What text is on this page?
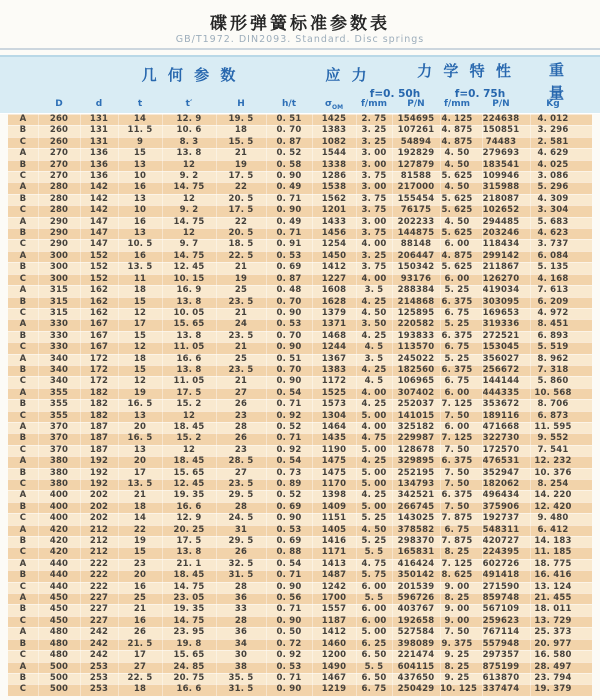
碟形弹簧标准参数表
GB/T1972. DIN2093. Standard. Disc springs
几 何 参 数	应 力	力 学 特 性	重
量
f=0. 50h	f=0. 75h
D	d	t	t′	H	h/t	$\sigma_{OM}$	f/mm	P/N	f/mm	P/N	Kg
A	260	131	14	12. 9	19. 5	0. 51	1425	2. 75	154695 4. 125	224638	4. 012
B	260	131	11. 5	10. 6	18	0. 70	1383	3. 25	107261 4. 875	150851	3. 296
C	260	131	9	8. 3	15. 5	0. 87	1082	3. 25	54894	4. 875	74483	2. 581
A	270	136	15	13. 8	21	0. 52	1544	3. 00	192829	4. 50	279693	4. 629
B	270	136	13	12	19	0. 58	1338	3. 00	127879	4. 50	183541	4. 025
C	270	136	10	9. 2	17. 5	0. 90	1286	3. 75	81588	5. 625	109946	3. 086
A	280	142	16	14. 75	22	0. 49	1538	3. 00	217000	4. 50	315988	5. 296
B	280	142	13	12	20. 5	0. 71	1562	3. 75	155454 5. 625	218087	4. 309
C	280	142	10	9. 2	17. 5	0. 90	1201	3. 75	76175	5. 625	102652	3. 304
A	290	147	16	14. 75	22	0. 49	1433	3. 00	202233	4. 50	294485	5. 683
B	290	147	13	12	20. 5	0. 71	1456	3. 75	144875 5. 625	203246	4. 623
C	290	147	10. 5	9. 7	18. 5	0. 91	1254	4. 00	88148	6. 00	118434	3. 737
A	300	152	16	14. 75	22. 5	0. 53	1450	3. 25	206447 4. 875	299142	6. 084
B	300	152	13. 5	12. 45	21	0. 69	1412	3. 75	150342 5. 625	211867	5. 135
C	300	152	11	10. 15	19	0. 87	1227	4. 00	93176	6. 00	126270	4. 168
A	315	162	18	16. 9	25	0. 48	1608	3. 5	288384	5. 25	419034	7. 613
B	315	162	15	13. 8	23. 5	0. 70	1628	4. 25	214868 6. 375	303095	6. 209
C	315	162	12	10. 05	21	0. 90	1379	4. 50	125895	6. 75	169653	4. 972
A	330	167	17	15. 65	24	0. 53	1371	3. 50	220582	5. 25	319336	8. 451
B	330	167	15	13. 8	23. 5	0. 70	1468	4. 25	193833 6. 375	272521	6. 893
C	330	167	12	11. 05	21	0. 90	1244	4. 5	113570	6. 75	153045	5. 519
A	340	172	18	16. 6	25	0. 51	1367	3. 5	245022	5. 25	356027	8. 962
B	340	172	15	13. 8	23. 5	0. 70	1383	4. 25	182560 6. 375	256672	7. 318
C	340	172	12	11. 05	21	0. 90	1172	4. 5	106965	6. 75	144144	5. 860
A	355	182	19	17. 5	27	0. 54	1525	4. 00	307402	6. 00	444335	10. 568
B	355	182	16. 5	15. 2	26	0. 71	1573	4. 25	252037 7. 125	353672	8. 706
C	355	182	13	12	23	0. 92	1304	5. 00	141015	7. 50	189116	6. 873
A	370	187	20	18. 45	28	0. 52	1464	4. 00	325182	6. 00	471668	11. 595
B	370	187	16. 5	15. 2	26	0. 71	1435	4. 75	229987 7. 125	322730	9. 552
C	370	187	13	12	23	0. 92	1190	5. 00	128678	7. 50	172570	7. 541
A	380	192	20	18. 45	28. 5	0. 54	1475	4. 25	329895 6. 375	476531	12. 232
B	380	192	17	15. 65	27	0. 73	1475	5. 00	252195	7. 50	352947	10. 376
C	380	192	13. 5	12. 45	23. 5	0. 89	1170	5. 00	134793	7. 50	182062	8. 254
A	400	202	21	19. 35	29. 5	0. 52	1398	4. 25	342521 6. 375	496434	14. 220
B	400	202	18	16. 6	28	0. 69	1409	5. 00	266745	7. 50	375906	12. 420
C	400	202	14	12. 9	24. 5	0. 90	1151	5. 25	143025 7. 875	192737	9. 480
A	420	212	22	20. 25	31	0. 53	1405	4. 50	378582	6. 75	548311	6. 412
B	420	212	19	17. 5	29. 5	0. 69	1416	5. 25	298370 7. 875	420727	14. 183
C	420	212	15	13. 8	26	0. 88	1171	5. 5	165831	8. 25	224395	11. 185
A	440	222	23	21. 1	32. 5	0. 54	1413	4. 75	416424 7. 125	602726	18. 775
B	440	222	20	18. 45	31. 5	0. 71	1487	5. 75	350142 8. 625	491418	16. 416
C	440	222	16	14. 75	28	0. 90	1242	6. 00	201539	9. 00	271590	13. 124
A	450	227	25	23. 05	36	0. 56	1700	5. 5	596726	8. 25	859748	21. 455
B	450	227	21	19. 35	33	0. 71	1557	6. 00	403767	9. 00	567109	18. 011
C	450	227	16	14. 75	28	0. 90	1187	6. 00	192658	9. 00	259623	13. 729
A	480	242	26	23. 95	36	0. 50	1412	5. 00	527584	7. 50	767114	25. 373
B	480	242	21. 5	19. 8	34	0. 72	1460	6. 25	398089 9. 375	557948	20. 977
C	480	242	17	15. 65	30	0. 92	1200	6. 50	221474	9. 25	297357	16. 580
A	500	253	27	24. 85	38	0. 53	1490	5. 5	604115	8. 25	875199	28. 497
B	500	253	22. 5	20. 75	35. 5	0. 71	1467	6. 50	437650	9. 25	613870	23. 794
C	500	253	18	16. 6	31. 5	0. 90	1219	6. 75	250429 10. 125 337474	19. 379
